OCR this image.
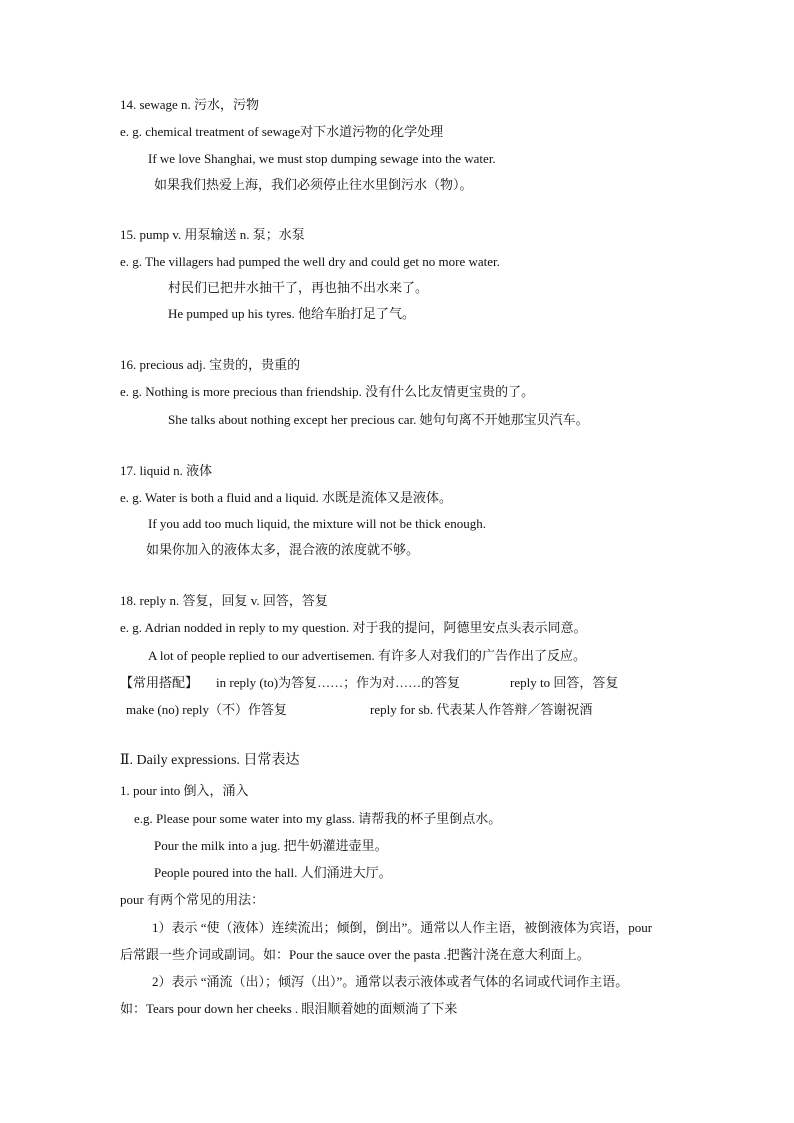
14. sewage n. 污水，污物
e. g. chemical treatment of sewage对下水道污物的化学处理
If we love Shanghai, we must stop dumping sewage into the water.
如果我们热爱上海，我们必须停止往水里倒污水（物）。
15. pump v. 用泵输送 n. 泵；水泵
e. g. The villagers had pumped the well dry and could get no more water.
村民们已把井水抽干了，再也抽不出水来了。
He pumped up his tyres. 他给车胎打足了气。
16. precious adj. 宝贵的，贵重的
e. g. Nothing is more precious than friendship. 没有什么比友情更宝贵的了。
She talks about nothing except her precious car. 她句句离不开她那宝贝汽车。
17. liquid n. 液体
e. g. Water is both a fluid and a liquid. 水既是流体又是液体。
If you add too much liquid, the mixture will not be thick enough.
如果你加入的液体太多，混合液的浓度就不够。
18. reply n. 答复，回复 v. 回答，答复
e. g. Adrian nodded in reply to my question. 对于我的提问，阿德里安点头表示同意。
A lot of people replied to our advertisemen. 有许多人对我们的广告作出了反应。
【常用搭配】 in reply (to)为答复……；作为对……的答复	reply to 回答，答复
make (no) reply（不）作答复	reply for sb. 代表某人作答辩／答谢祝酒
Ⅱ. Daily expressions. 日常表达
1. pour into 倒入，涌入
e.g. Please pour some water into my glass. 请帮我的杯子里倒点水。
Pour the milk into a jug. 把牛奶灌进壶里。
People poured into the hall. 人们涌进大厅。
pour 有两个常见的用法：
1）表示 “使（液体）连续流出；倾倒，倒出”。通常以人作主语，被倒液体为宾语，pour
后常跟一些介词或副词。如：Pour the sauce over the pasta .把酱汁浇在意大利面上。
2）表示 “涌流（出）；倾泻（出）”。通常以表示液体或者气体的名词或代词作主语。
如：Tears pour down her cheeks . 眼泪顺着她的面颊淌了下来
